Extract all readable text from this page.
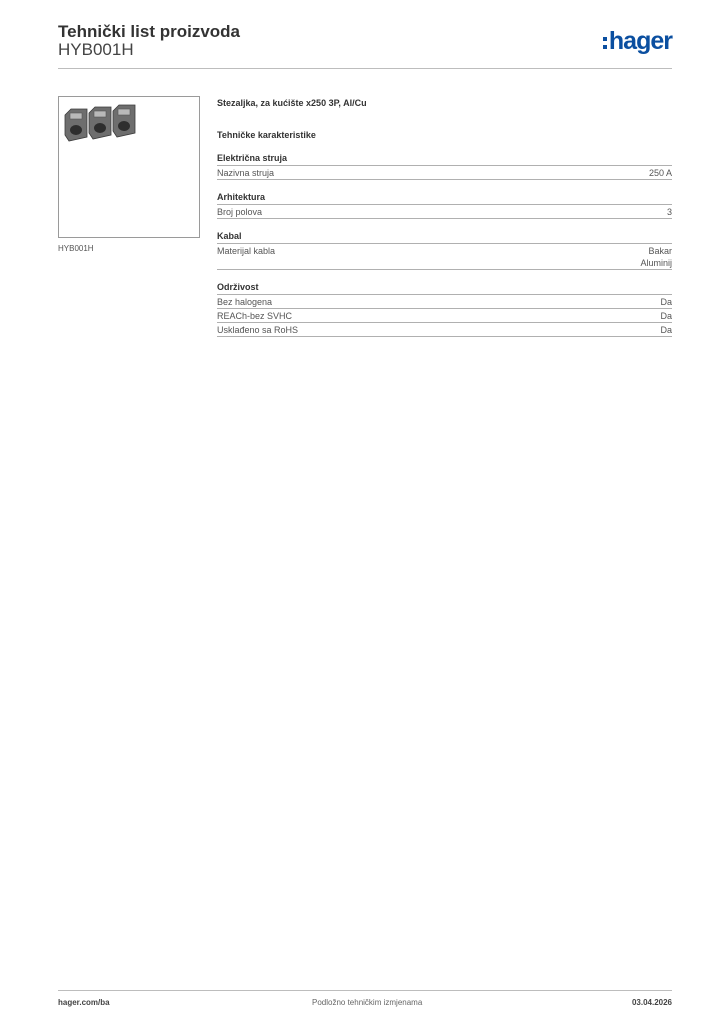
Tehnički list proizvoda
HYB001H	hager
HYB001H
Stezaljka, za kućište x250 3P, Al/Cu
Tehničke karakteristike
Električna struja
Nazivna struja	250 A
Arhitektura
Broj polova	3
Kabal
Materijal kabla	Bakar
Aluminij
Održivost
Bez halogena	Da
REACh-bez SVHC	Da
Usklađeno sa RoHS	Da
hager.com/ba	Podložno tehničkim izmjenama	03.04.2026
